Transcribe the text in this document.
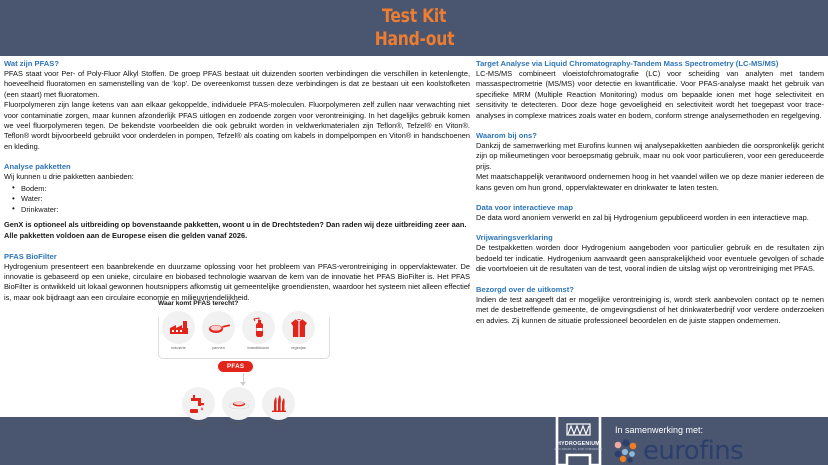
Test Kit
Hand-out
Wat zijn PFAS?
PFAS staat voor Per- of Poly-Fluor Alkyl Stoffen. De groep PFAS bestaat uit duizenden soorten verbindingen die verschillen in ketenlengte, hoeveelheid fluoratomen en samenstelling van de 'kop'. De overeenkomst tussen deze verbindingen is dat ze bestaan uit een koolstofketen (een staart) met fluoratomen.
Fluorpolymeren zijn lange ketens van aan elkaar gekoppelde, individuele PFAS-moleculen. Fluorpolymeren zelf zullen naar verwachting niet voor contaminatie zorgen, maar kunnen afzonderlijk PFAS uitlogen en zodoende zorgen voor verontreiniging. In het dagelijks gebruik komen we veel fluorpolymeren tegen. De bekendste voorbeelden die ook gebruikt worden in veldwerkmaterialen zijn Teflon®, Tefzel® en Viton®. Teflon® wordt bijvoorbeeld gebruikt voor onderdelen in pompen, Tefzel® als coating om kabels in dompelpompen en Viton® in handschoenen en kleding.
Analyse pakketten
Wij kunnen u drie pakketten aanbieden:
• Bodem:
• Water:
• Drinkwater:
GenX is optioneel als uitbreiding op bovenstaande pakketten, woont u in de Drechtsteden? Dan raden wij deze uitbreiding zeer aan.
Alle pakketten voldoen aan de Europese eisen die gelden vanaf 2026.
PFAS BioFilter
Hydrogenium presenteert een baanbrekende en duurzame oplossing voor het probleem van PFAS-verontreiniging in oppervlaktewater. De innovatie is gebaseerd op een unieke, circulaire en biobased technologie waarvan de kern van de innovatie het PFAS BioFilter is. Het PFAS BioFilter is ontwikkeld uit lokaal gewonnen houtsnippers afkomstig uit gemeentelijke groendiensten, waardoor het systeem niet alleen effectief is, maar ook bijdraagt aan een circulaire economie en milieuvriendelijkheid.
Waar komt PFAS terecht?
industrie	pannen	brandblusser	regenjas
PFAS
drinkwater	voedsel	milieu
Target Analyse via Liquid Chromatography-Tandem Mass Spectrometry (LC-MS/MS)
LC-MS/MS combineert vloeistofchromatografie (LC) voor scheiding van analyten met tandem massaspectrometrie (MS/MS) voor detectie en kwantificatie. Voor PFAS-analyse maakt het gebruik van specifieke MRM (Multiple Reaction Monitoring) modus om bepaalde ionen met hoge selectiviteit en sensitivity te detecteren. Door deze hoge gevoeligheid en selectiviteit wordt het toegepast voor trace-analyses in complexe matrices zoals water en bodem, conform strenge analysemethoden en regelgeving.
Waarom bij ons?
Dankzij de samenwerking met Eurofins kunnen wij analysepakketten aanbieden die oorspronkelijk gericht zijn op milieumetingen voor beroepsmatig gebruik, maar nu ook voor particulieren, voor een gereduceerde prijs.
Met maatschappelijk verantwoord ondernemen hoog in het vaandel willen we op deze manier iedereen de kans geven om hun grond, oppervlaktewater en drinkwater te laten testen.
Data voor interactieve map
De data word anoniem verwerkt en zal bij Hydrogenium gepubliceerd worden in een interactieve map.
Vrijwaringsverklaring
De testpakketten worden door Hydrogenium aangeboden voor particulier gebruik en de resultaten zijn bedoeld ter indicatie. Hydrogenium aanvaardt geen aansprakelijkheid voor eventuele gevolgen of schade die voortvloeien uit de resultaten van de test, vooral indien de uitslag wijst op verontreiniging met PFAS.
Bezorgd over de uitkomst?
Indien de test aangeeft dat er mogelijke verontreiniging is, wordt sterk aanbevolen contact op te nemen met de desbetreffende gemeente, de omgevingsdienst of het drinkwaterbedrijf voor verdere onderzoeken en advies. Zij kunnen de situatie professioneel beoordelen en de juiste stappen ondernemen.
HYDROGENIUM
ECO-SMART FIL FOR TOMORROW
In samenwerking met:
eurofins
